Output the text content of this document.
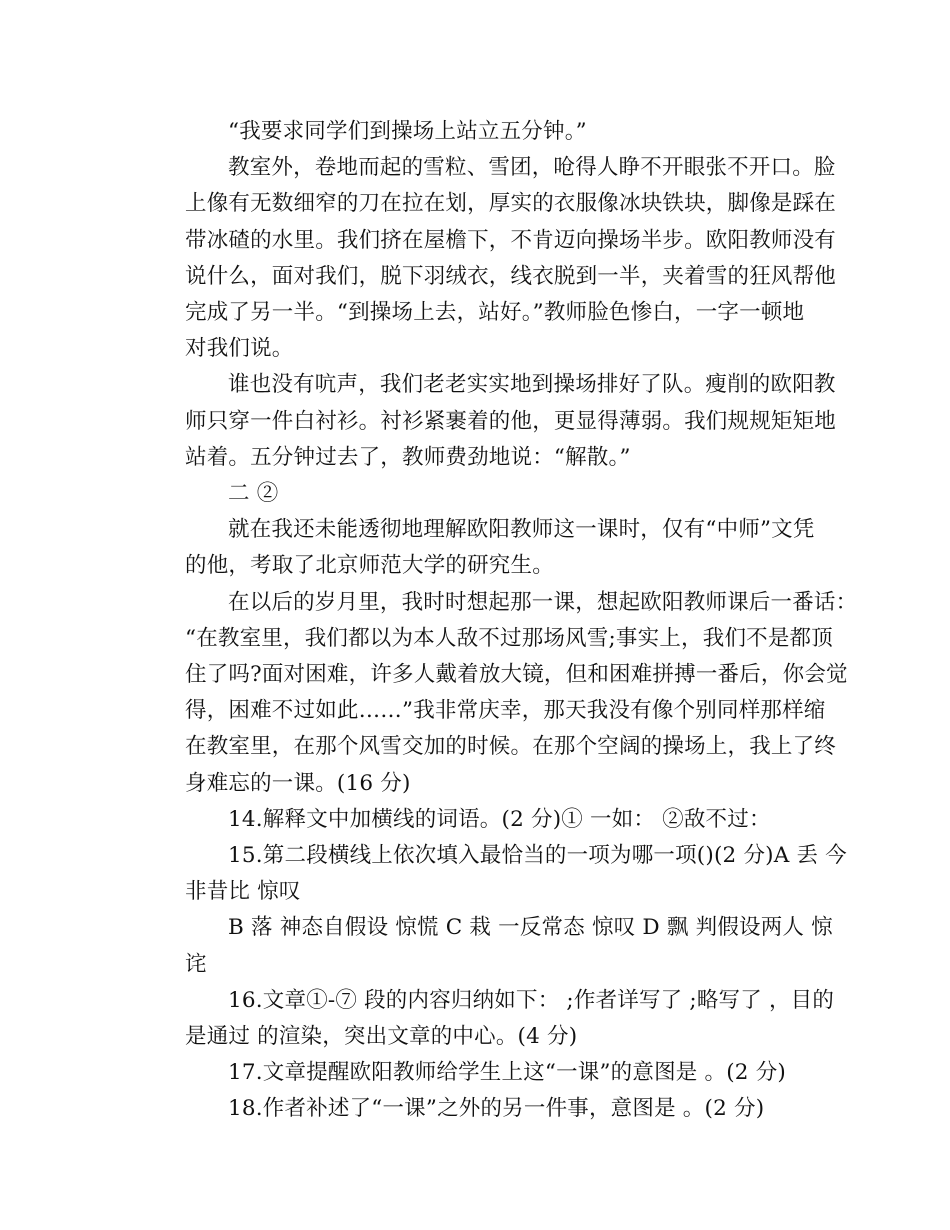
“我要求同学们到操场上站立五分钟。”
教室外，卷地而起的雪粒、雪团，呛得人睁不开眼张不开口。脸
上像有无数细窄的刀在拉在划，厚实的衣服像冰块铁块，脚像是踩在
带冰碴的水里。我们挤在屋檐下，不肯迈向操场半步。欧阳教师没有
说什么，面对我们，脱下羽绒衣，线衣脱到一半，夹着雪的狂风帮他
完成了另一半。“到操场上去，站好。”教师脸色惨白，一字一顿地
对我们说。
谁也没有吭声，我们老老实实地到操场排好了队。瘦削的欧阳教
师只穿一件白衬衫。衬衫紧裹着的他，更显得薄弱。我们规规矩矩地
站着。五分钟过去了，教师费劲地说：“解散。”
二 ②
就在我还未能透彻地理解欧阳教师这一课时，仅有“中师”文凭
的他，考取了北京师范大学的研究生。
在以后的岁月里，我时时想起那一课，想起欧阳教师课后一番话：
“在教室里，我们都以为本人敌不过那场风雪;事实上，我们不是都顶
住了吗?面对困难，许多人戴着放大镜，但和困难拼搏一番后，你会觉
得，困难不过如此……”我非常庆幸，那天我没有像个别同样那样缩
在教室里，在那个风雪交加的时候。在那个空阔的操场上，我上了终
身难忘的一课。(16 分)
14.解释文中加横线的词语。(2 分)① 一如： ②敌不过：
15.第二段横线上依次填入最恰当的一项为哪一项()(2 分)A 丢 今
非昔比 惊叹
B 落 神态自假设 惊慌 C 栽 一反常态 惊叹 D 飘 判假设两人 惊
诧
16.文章①-⑦ 段的内容归纳如下： ;作者详写了 ;略写了 ，目的
是通过 的渲染，突出文章的中心。(4 分)
17.文章提醒欧阳教师给学生上这“一课”的意图是 。(2 分)
18.作者补述了“一课”之外的另一件事，意图是 。(2 分)
